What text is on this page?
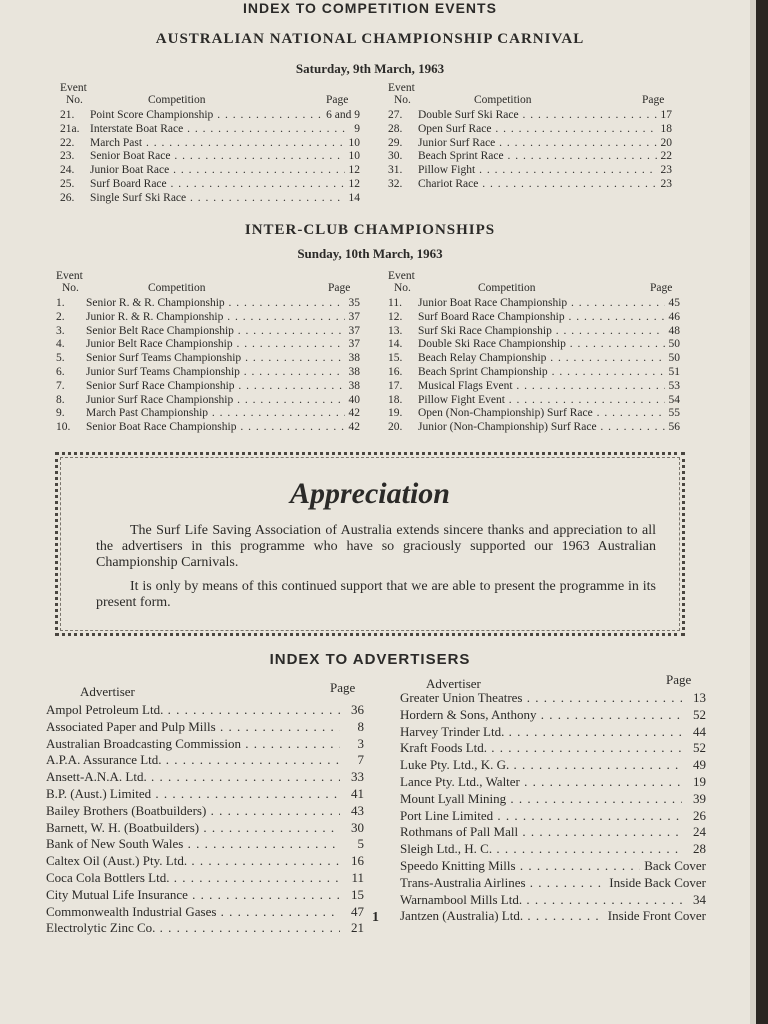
INDEX TO COMPETITION EVENTS
AUSTRALIAN NATIONAL CHAMPIONSHIP CARNIVAL
Saturday, 9th March, 1963
Event
No.	Competition	Page
21.	Point Score Championship . . .	6 and 9
21a. Interstate Boat Race . . .	9
22.	March Past . . .	10
23.	Senior Boat Race . . .	10
24.	Junior Boat Race . . .	12
25.	Surf Board Race . . .	12
26.	Single Surf Ski Race . . .	14
Event
No.	Competition	Page
27.	Double Surf Ski Race . . .	17
28.	Open Surf Race . . .	18
29.	Junior Surf Race . . .	20
30.	Beach Sprint Race . . .	22
31.	Pillow Fight . . .	23
32.	Chariot Race . . .	23
INTER-CLUB CHAMPIONSHIPS
Sunday, 10th March, 1963
Event
No.	Competition	Page
1.	Senior R. & R. Championship . . .	35
2.	Junior R. & R. Championship . . .	37
3.	Senior Belt Race Championship . . .	37
4.	Junior Belt Race Championship . . .	37
5.	Senior Surf Teams Championship . . .	38
6.	Junior Surf Teams Championship . . .	38
7.	Senior Surf Race Championship . . .	38
8.	Junior Surf Race Championship . . .	40
9.	March Past Championship . . .	42
10.	Senior Boat Race Championship . . .	42
Event
No.	Competition	Page
11.	Junior Boat Race Championship . . .	45
12.	Surf Board Race Championship . . .	46
13.	Surf Ski Race Championship . . .	48
14.	Double Ski Race Championship . . .	50
15.	Beach Relay Championship . . .	50
16.	Beach Sprint Championship . . .	51
17.	Musical Flags Event . . .	53
18.	Pillow Fight Event . . .	54
19.	Open (Non-Championship) Surf Race . . .	55
20.	Junior (Non-Championship) Surf Race . . .	56
Appreciation
The Surf Life Saving Association of Australia extends sincere thanks and appreciation to all the advertisers in this programme who have so graciously supported our 1963 Australian Championship Carnivals.
It is only by means of this continued support that we are able to present the programme in its present form.
INDEX TO ADVERTISERS
Advertiser	Page
Ampol Petroleum Ltd. . . .	36
Associated Paper and Pulp Mills . . .	8
Australian Broadcasting Commission . . .	3
A.P.A. Assurance Ltd. . . .	7
Ansett-A.N.A. Ltd. . . .	33
B.P. (Aust.) Limited . . .	41
Bailey Brothers (Boatbuilders) . . .	43
Barnett, W. H. (Boatbuilders) . . .	30
Bank of New South Wales . . .	5
Caltex Oil (Aust.) Pty. Ltd. . . .	16
Coca Cola Bottlers Ltd. . . .	11
City Mutual Life Insurance . . .	15
Commonwealth Industrial Gases . . .	47
Electrolytic Zinc Co. . . .	21
Advertiser	Page
Greater Union Theatres . . .	13
Hordern & Sons, Anthony . . .	52
Harvey Trinder Ltd. . . .	44
Kraft Foods Ltd. . . .	52
Luke Pty. Ltd., K. G. . . .	49
Lance Pty. Ltd., Walter . . .	19
Mount Lyall Mining . . .	39
Port Line Limited . . .	26
Rothmans of Pall Mall . . .	24
Sleigh Ltd., H. C. . . .	28
Speedo Knitting Mills . . .	Back Cover
Trans-Australia Airlines . . .	Inside Back Cover
Warnambool Mills Ltd. . . .	34
Jantzen (Australia) Ltd. . . .	Inside Front Cover
1
